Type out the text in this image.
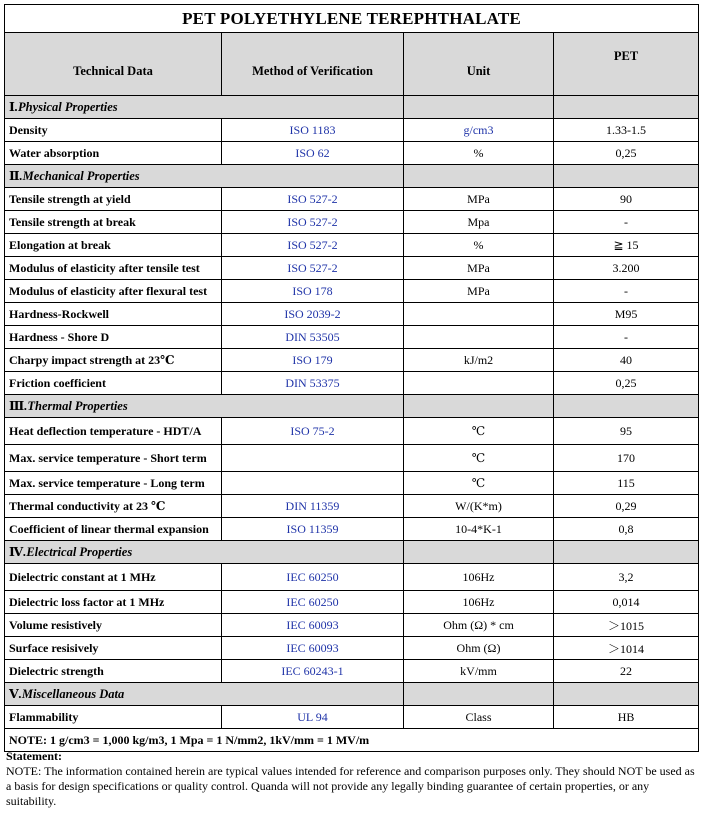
PET POLYETHYLENE TEREPHTHALATE			
Technical Data	Method of Verification	Unit	PET
Ⅰ.Physical Properties			
Density	ISO 1183	g/cm3	1.33-1.5
Water absorption	ISO 62	%	0,25
Ⅱ.Mechanical Properties			
Tensile strength at yield	ISO 527-2	MPa	90
Tensile strength at break	ISO 527-2	Mpa	-
Elongation at break	ISO 527-2	%	≧ 15
Modulus of elasticity after tensile test	ISO 527-2	MPa	3.200
Modulus of elasticity after flexural test	ISO 178	MPa	-
Hardness-Rockwell	ISO 2039-2		M95
Hardness - Shore D	DIN 53505		-
Charpy impact strength at 23℃	ISO 179	kJ/m2	40
Friction coefficient	DIN 53375		0,25
Ⅲ.Thermal Properties			
Heat deflection temperature - HDT/A	ISO 75-2	℃	95
Max. service temperature - Short term		℃	170
Max. service temperature - Long term		℃	115
Thermal conductivity at 23 ℃	DIN 11359	W/(K*m)	0,29
Coefficient of linear thermal expansion	ISO 11359	10-4*K-1	0,8
Ⅳ.Electrical Properties			
Dielectric constant at 1 MHz	IEC 60250	106Hz	3,2
Dielectric loss factor at 1 MHz	IEC 60250	106Hz	0,014
Volume resistively	IEC 60093	Ohm (Ω) * cm	＞1015
Surface resisively	IEC 60093	Ohm (Ω)	＞1014
Dielectric strength	IEC 60243-1	kV/mm	22
Ⅴ.Miscellaneous Data			
Flammability	UL 94	Class	HB
NOTE: 1 g/cm3 = 1,000 kg/m3, 1 Mpa = 1 N/mm2, 1kV/mm = 1 MV/m			
Statement:
NOTE: The information contained herein are typical values intended for reference and comparison purposes only. They should NOT be used as a basis for design specifications or quality control. Quanda will not provide any legally binding guarantee of certain properties, or any suitability.
